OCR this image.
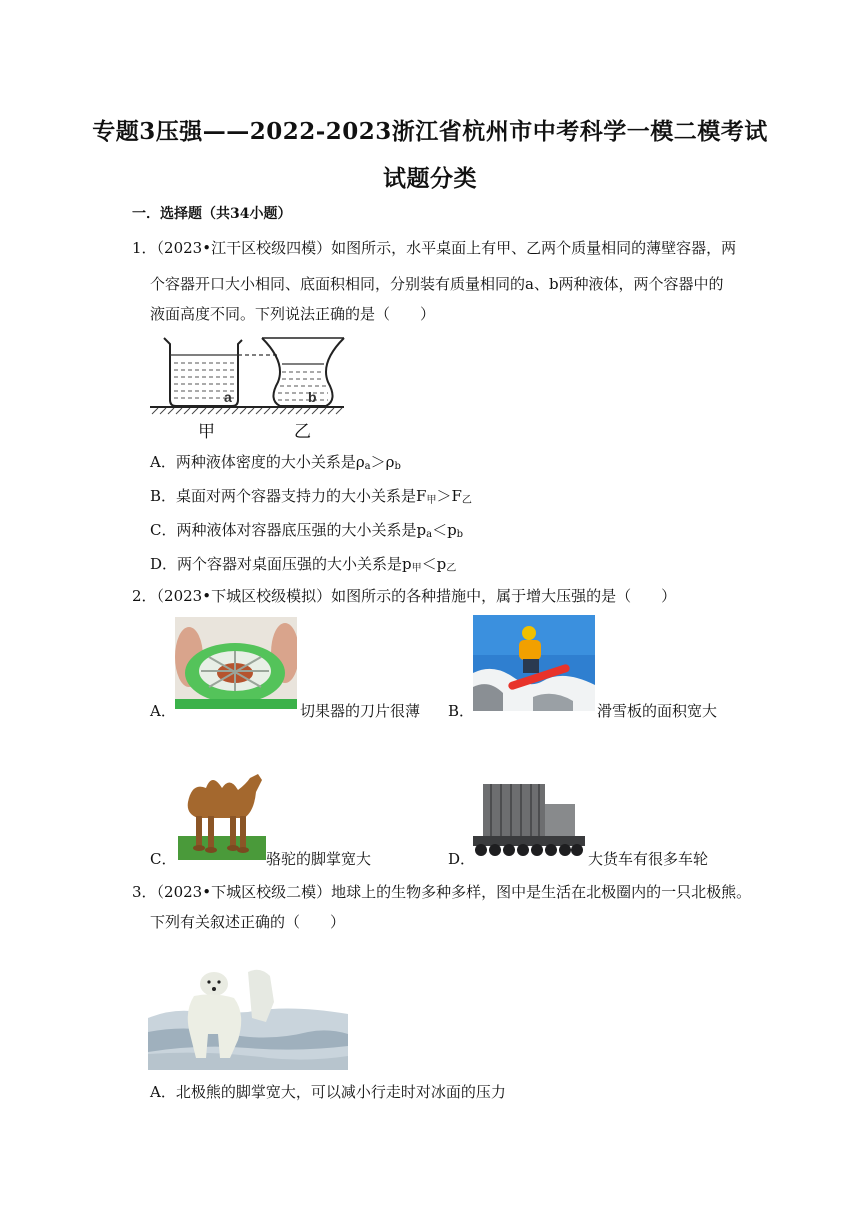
专题3压强——2022-2023浙江省杭州市中考科学一模二模考试
试题分类
一．选择题（共34小题）
1．（2023•江干区校级四模）如图所示，水平桌面上有甲、乙两个质量相同的薄壁容器，两
个容器开口大小相同、底面积相同，分别装有质量相同的a、b两种液体，两个容器中的
液面高度不同。下列说法正确的是（　　）
a	b
甲	乙
A．两种液体密度的大小关系是$\rho_a>\rho_b$
B．桌面对两个容器支持力的大小关系是$F_甲>F_乙$
C．两种液体对容器底压强的大小关系是$p_a<p_b$
D．两个容器对桌面压强的大小关系是$p_甲<p_乙$
2．（2023•下城区校级模拟）如图所示的各种措施中，属于增大压强的是（　　）
A．	切果器的刀片很薄 B．	滑雪板的面积宽大
C．	骆驼的脚掌宽大	D．	大货车有很多车轮
3．（2023•下城区校级二模）地球上的生物多种多样，图中是生活在北极圈内的一只北极熊。
下列有关叙述正确的（　　）
A．北极熊的脚掌宽大，可以减小行走时对冰面的压力
